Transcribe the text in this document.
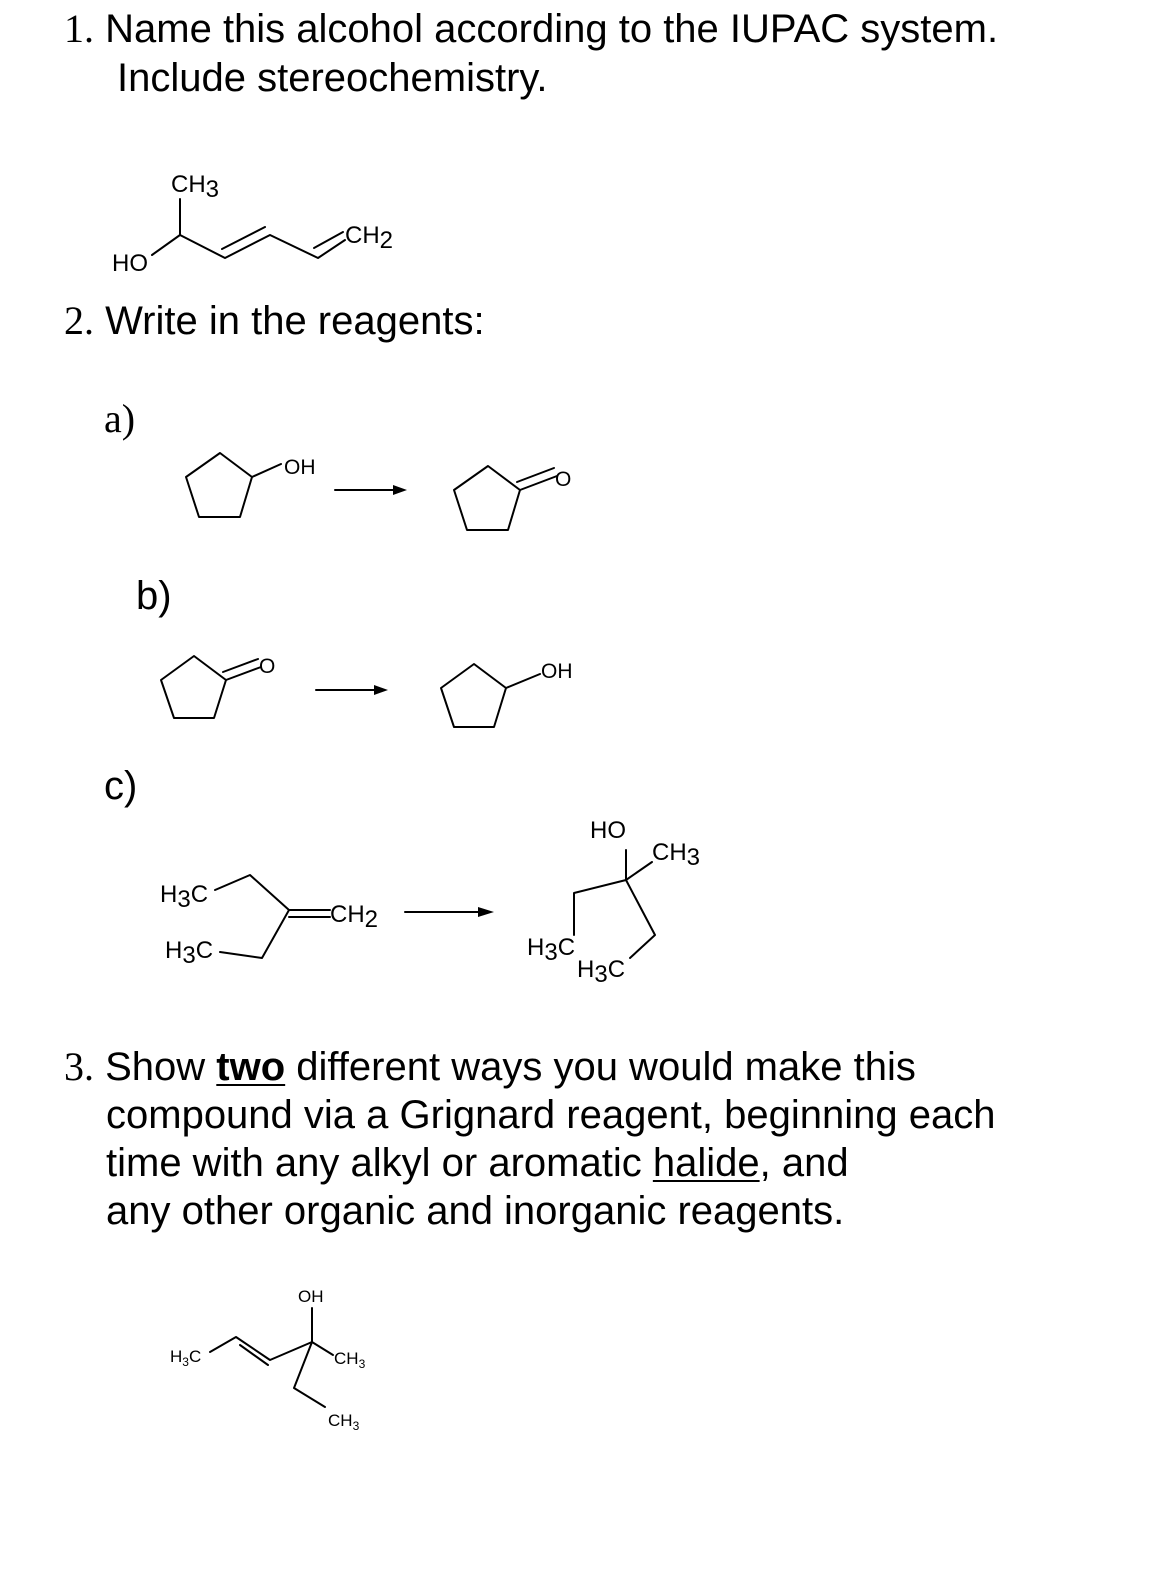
1. Name this alcohol according to the IUPAC system.
Include stereochemistry.
2. Write in the reagents:
a)
b)
c)
3. Show two different ways you would make this
compound via a Grignard reagent, beginning each
time with any alkyl or aromatic halide, and
any other organic and inorganic reagents.
CH3
CH2
HO
OH
O
O	OH
H3C
H3C
CH2
HO
CH3
H3C
H3C
OH
$H_3C$	$CH_3$
$CH_3$
